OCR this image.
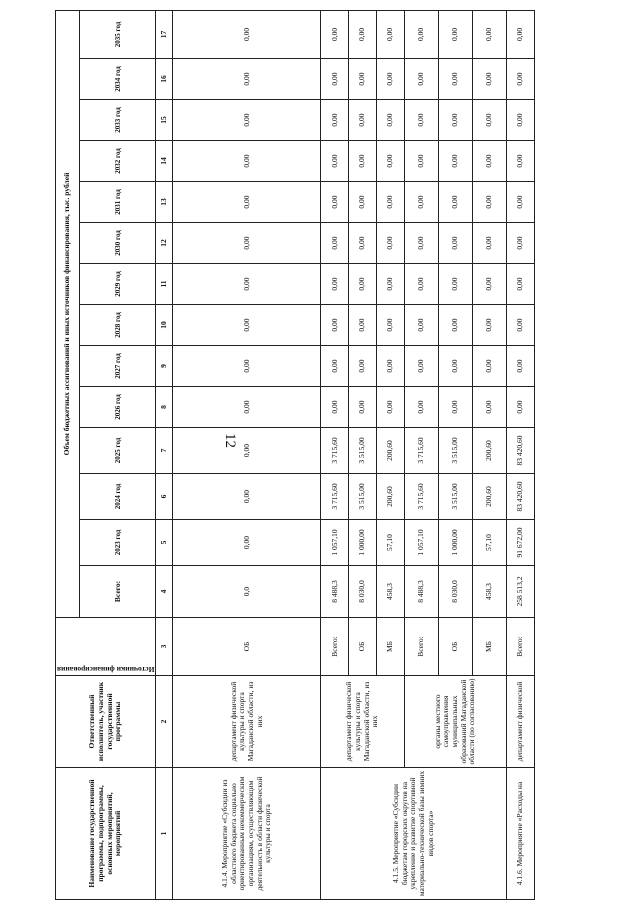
12
Наименование государственной программы, подпрограммы, основных мероприятий, мероприятий	Ответственный исполнитель, участник государственной программы	Источники финансирования	Объем бюджетных ассигнований и иных источников финансирования, тыс. рублей													
			Всего:	2023 год	2024 год	2025 год	2026 год	2027 год	2028 год	2029 год	2030 год	2031 год	2032 год	2033 год	2034 год	2035 год
1	2	3	4	5	6	7	8	9	10	11	12	13	14	15	16	17
4.1.4. Мероприятие «Субсидии из областного бюджета социально ориентированным некоммерческим организациям, осуществляющим деятельность в области физической культуры и спорта	департамент физической культуры и спорта Магаданской области, из них	ОБ	0,0	0,00	0,00	0,00	0,00	0,00	0,00	0,00	0,00	0,00	0,00	0,00	0,00	0,00
4.1.5. Мероприятие «Субсидии бюджетам городских округов на укрепление и развитие спортивной материально-технической базы зимних видов спорта»	департамент физической культуры и спорта Магаданской области, из них	Всего:	8 488,3	1 057,10	3 715,60	3 715,60	0,00	0,00	0,00	0,00	0,00	0,00	0,00	0,00	0,00	0,00
		ОБ	8 030,0	1 000,00	3 515,00	3 515,00	0,00	0,00	0,00	0,00	0,00	0,00	0,00	0,00	0,00	0,00
		МБ	458,3	57,10	200,60	200,60	0,00	0,00	0,00	0,00	0,00	0,00	0,00	0,00	0,00	0,00
	органы местного самоуправления муниципальных образований Магаданской области (по согласованию)	Всего:	8 488,3	1 057,10	3 715,60	3 715,60	0,00	0,00	0,00	0,00	0,00	0,00	0,00	0,00	0,00	0,00
		ОБ	8 030,0	1 000,00	3 515,00	3 515,00	0,00	0,00	0,00	0,00	0,00	0,00	0,00	0,00	0,00	0,00
		МБ	458,3	57,10	200,60	200,60	0,00	0,00	0,00	0,00	0,00	0,00	0,00	0,00	0,00	0,00
4.1.6. Мероприятие «Расходы на	департамент физической	Всего:	258 513,2	91 672,00	83 420,60	83 420,60	0,00	0,00	0,00	0,00	0,00	0,00	0,00	0,00	0,00	0,00
